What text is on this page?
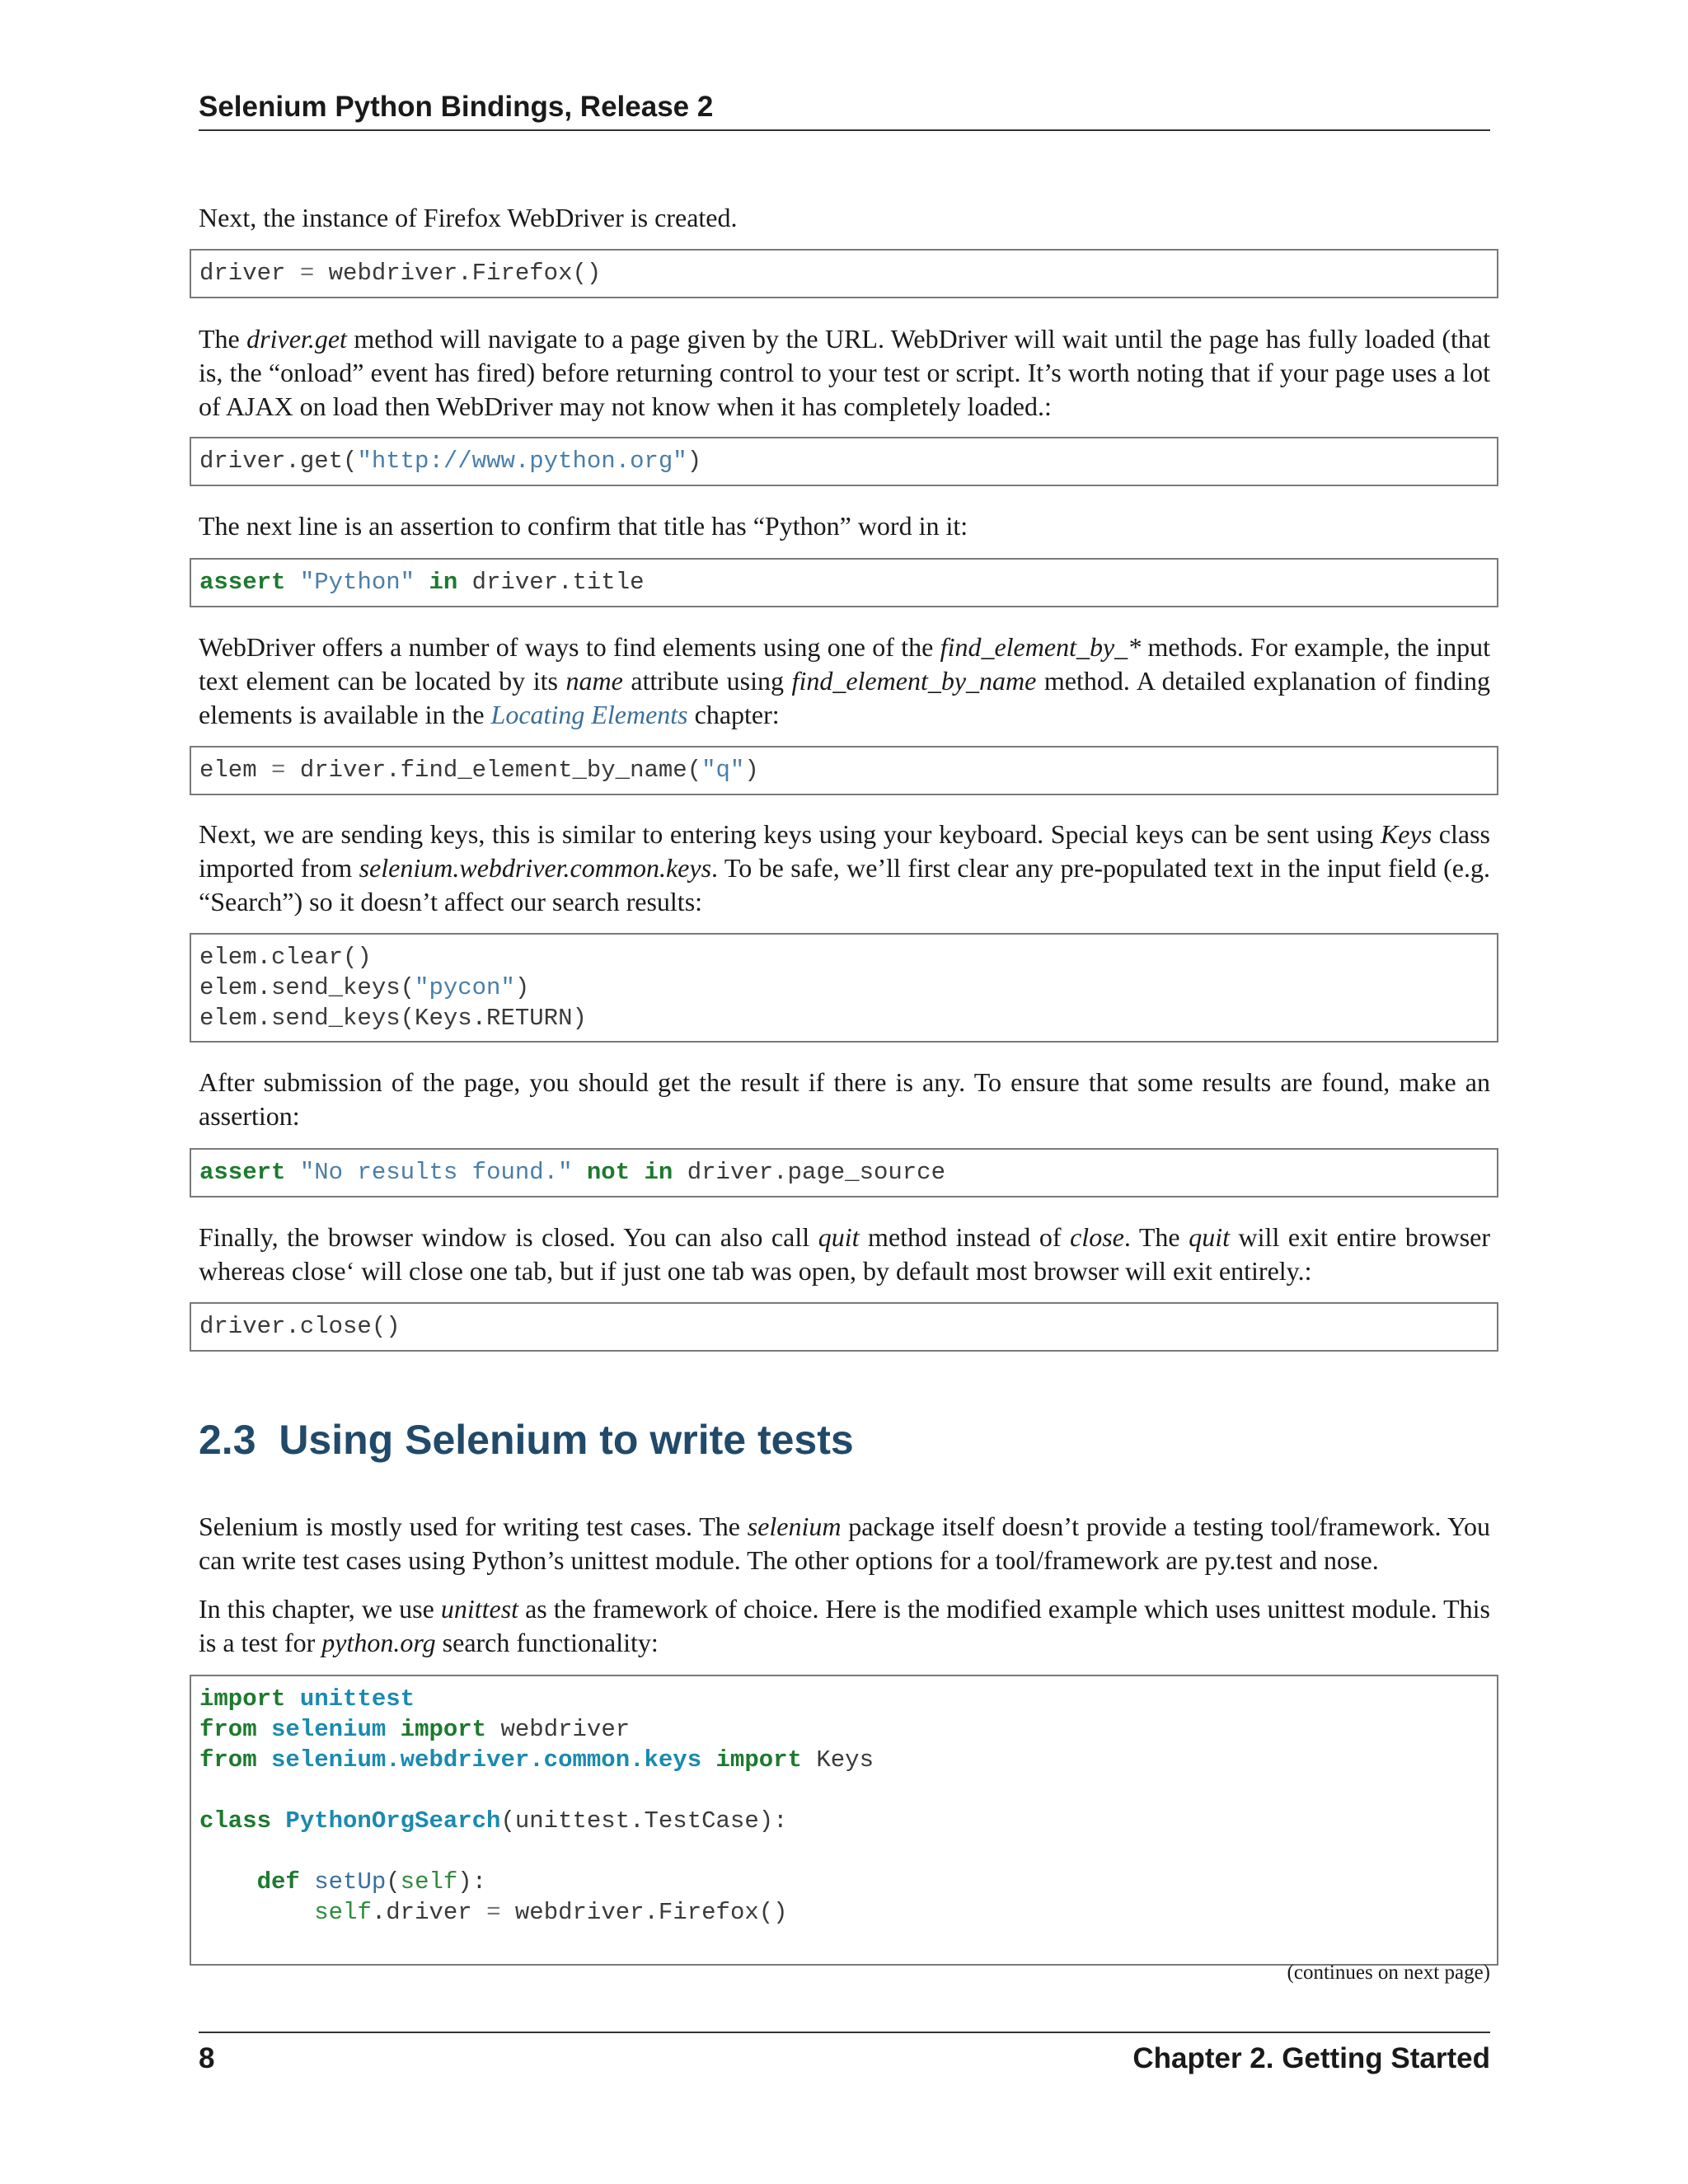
Selenium Python Bindings, Release 2

Next, the instance of Firefox WebDriver is created.

driver = webdriver.Firefox()

The driver.get method will navigate to a page given by the URL. WebDriver will wait until the page has fully loaded (that is, the “onload” event has fired) before returning control to your test or script. It’s worth noting that if your page uses a lot of AJAX on load then WebDriver may not know when it has completely loaded.:

driver.get("http://www.python.org")

The next line is an assertion to confirm that title has “Python” word in it:

assert "Python" in driver.title

WebDriver offers a number of ways to find elements using one of the find_element_by_* methods. For example, the input text element can be located by its name attribute using find_element_by_name method. A detailed explanation of finding elements is available in the Locating Elements chapter:

elem = driver.find_element_by_name("q")

Next, we are sending keys, this is similar to entering keys using your keyboard. Special keys can be sent using Keys class imported from selenium.webdriver.common.keys. To be safe, we’ll first clear any pre-populated text in the input field (e.g. “Search”) so it doesn’t affect our search results:

elem.clear()
elem.send_keys("pycon")
elem.send_keys(Keys.RETURN)

After submission of the page, you should get the result if there is any. To ensure that some results are found, make an assertion:

assert "No results found." not in driver.page_source

Finally, the browser window is closed. You can also call quit method instead of close. The quit will exit entire browser whereas close‘ will close one tab, but if just one tab was open, by default most browser will exit entirely.:

driver.close()
2.3 Using Selenium to write tests

Selenium is mostly used for writing test cases. The selenium package itself doesn’t provide a testing tool/framework. You can write test cases using Python’s unittest module. The other options for a tool/framework are py.test and nose.

In this chapter, we use unittest as the framework of choice. Here is the modified example which uses unittest module. This is a test for python.org search functionality:

import unittest
from selenium import webdriver
from selenium.webdriver.common.keys import Keys
class PythonOrgSearch(unittest.TestCase):
def setUp(self):
self.driver = webdriver.Firefox()
(continues on next page)
8	Chapter 2. Getting Started
